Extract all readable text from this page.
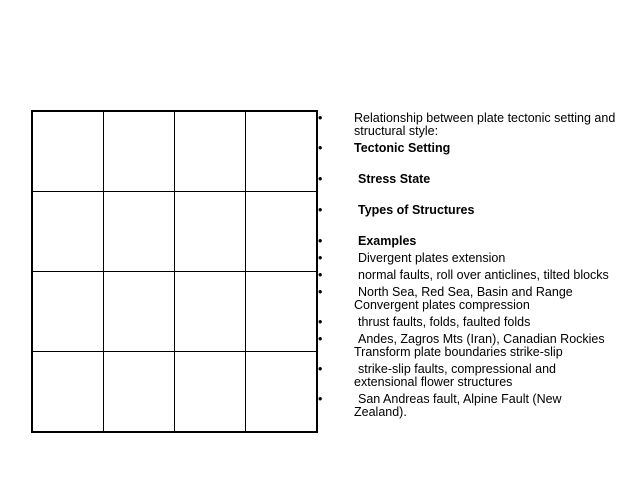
•	Relationship between plate tectonic setting and structural style:
•	Tectonic Setting
•	Stress State
•	Types of Structures
•	Examples
•	Divergent plates extension
•	normal faults, roll over anticlines, tilted blocks
•	North Sea, Red Sea, Basin and Range Convergent plates compression
•	thrust faults, folds, faulted folds
•	Andes, Zagros Mts (Iran), Canadian Rockies Transform plate boundaries strike-slip
•	strike-slip faults, compressional and extensional flower structures
•	San Andreas fault, Alpine Fault (New Zealand).
